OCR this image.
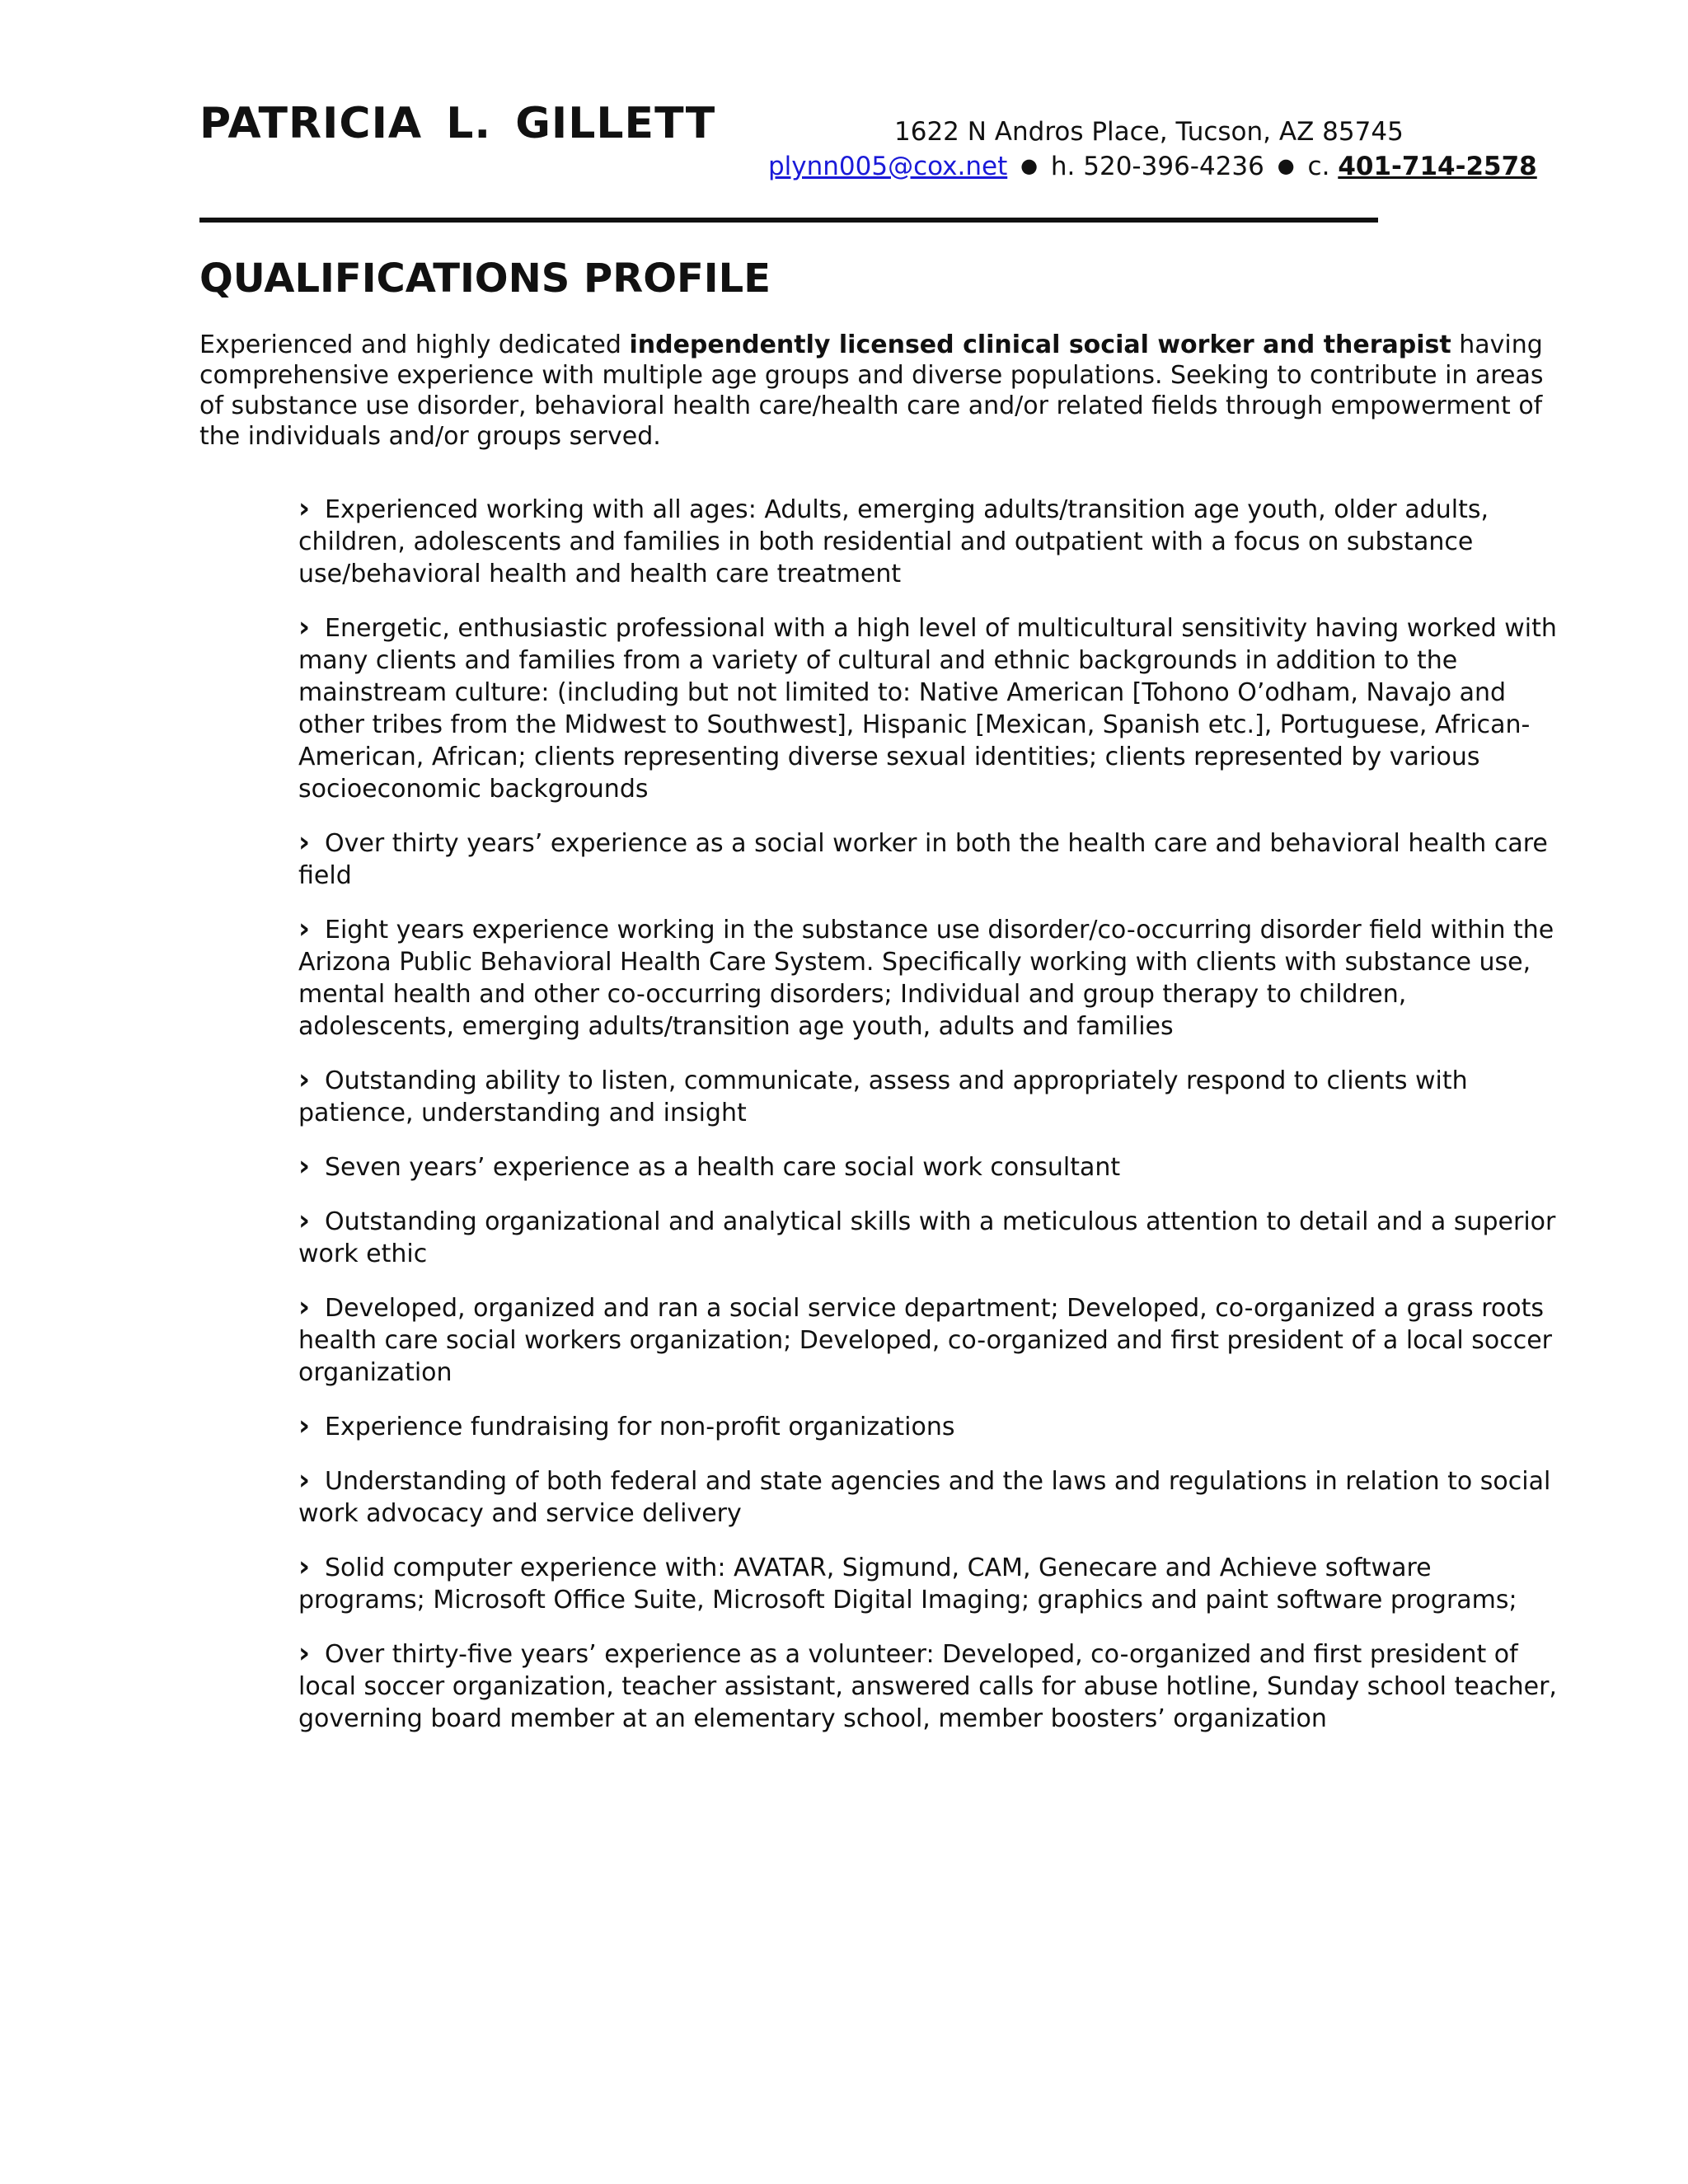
PATRICIA L. GILLETT	1622 N Andros Place, Tucson, AZ 85745
plynn005@cox.net ● h. 520-396-4236 ● c. 401-714-2578
QUALIFICATIONS PROFILE

Experienced and highly dedicated independently licensed clinical social worker and therapist having comprehensive experience with multiple age groups and diverse populations. Seeking to contribute in areas of substance use disorder, behavioral health care/health care and/or related fields through empowerment of the individuals and/or groups served.

› Experienced working with all ages: Adults, emerging adults/transition age youth, older adults, children, adolescents and families in both residential and outpatient with a focus on substance use/behavioral health and health care treatment
› Energetic, enthusiastic professional with a high level of multicultural sensitivity having worked with many clients and families from a variety of cultural and ethnic backgrounds in addition to the mainstream culture: (including but not limited to: Native American [Tohono O’odham, Navajo and other tribes from the Midwest to Southwest], Hispanic [Mexican, Spanish etc.], Portuguese, African-American, African; clients representing diverse sexual identities; clients represented by various socioeconomic backgrounds
› Over thirty years’ experience as a social worker in both the health care and behavioral health care field
› Eight years experience working in the substance use disorder/co-occurring disorder field within the Arizona Public Behavioral Health Care System. Specifically working with clients with substance use, mental health and other co-occurring disorders; Individual and group therapy to children, adolescents, emerging adults/transition age youth, adults and families
› Outstanding ability to listen, communicate, assess and appropriately respond to clients with patience, understanding and insight
› Seven years’ experience as a health care social work consultant
› Outstanding organizational and analytical skills with a meticulous attention to detail and a superior work ethic
› Developed, organized and ran a social service department; Developed, co-organized a grass roots health care social workers organization; Developed, co-organized and first president of a local soccer organization
› Experience fundraising for non-profit organizations
› Understanding of both federal and state agencies and the laws and regulations in relation to social work advocacy and service delivery
› Solid computer experience with: AVATAR, Sigmund, CAM, Genecare and Achieve software programs; Microsoft Office Suite, Microsoft Digital Imaging; graphics and paint software programs;
› Over thirty-five years’ experience as a volunteer: Developed, co-organized and first president of local soccer organization, teacher assistant, answered calls for abuse hotline, Sunday school teacher, governing board member at an elementary school, member boosters’ organization
